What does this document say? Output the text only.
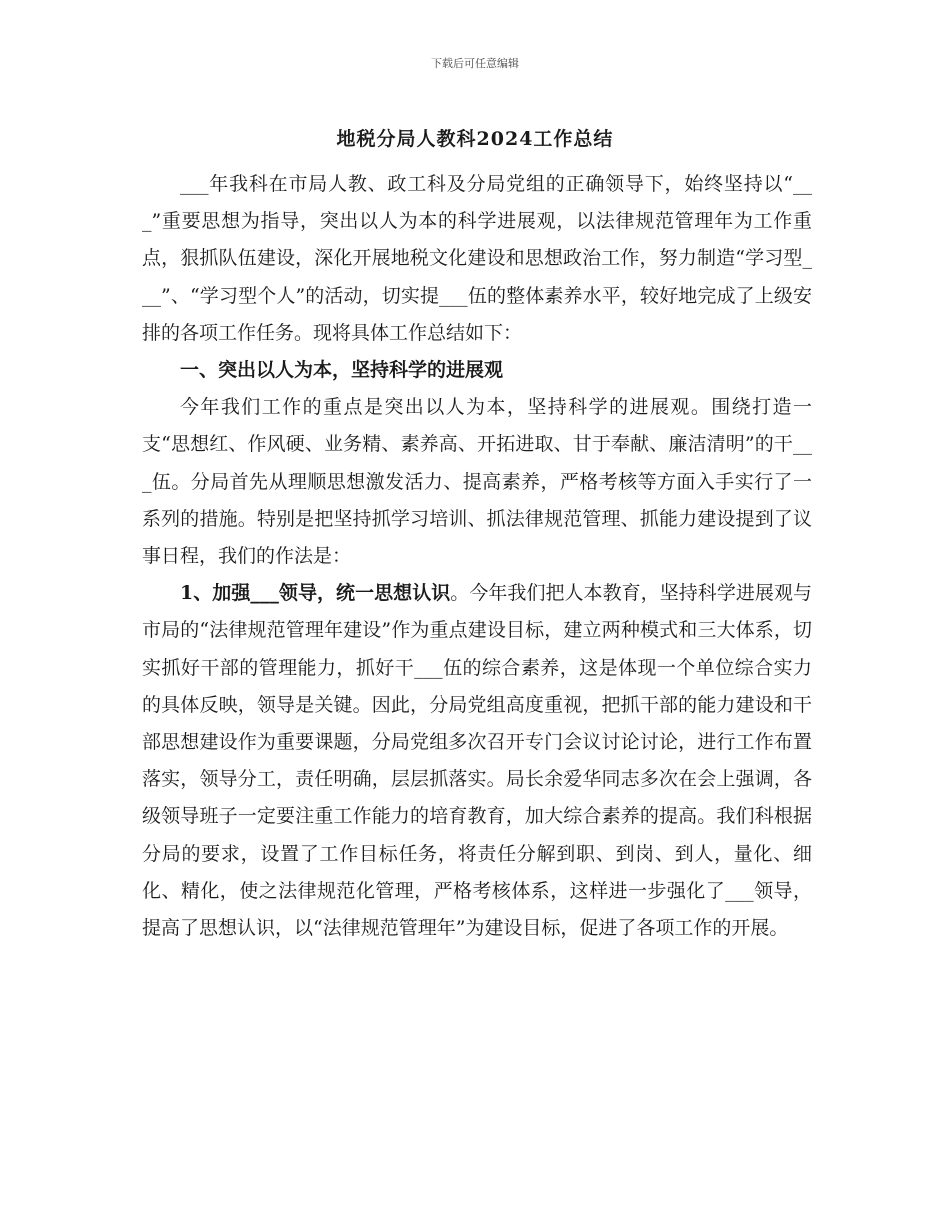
下载后可任意编辑
地税分局人教科2024工作总结

___年我科在市局人教、政工科及分局党组的正确领导下，始终坚持以“___”重要思想为指导，突出以人为本的科学进展观，以法律规范管理年为工作重点，狠抓队伍建设，深化开展地税文化建设和思想政治工作，努力制造“学习型___”、“学习型个人”的活动，切实提___伍的整体素养水平，较好地完成了上级安排的各项工作任务。现将具体工作总结如下：

一、突出以人为本，坚持科学的进展观

今年我们工作的重点是突出以人为本，坚持科学的进展观。围绕打造一支“思想红、作风硬、业务精、素养高、开拓进取、甘于奉献、廉洁清明”的干___伍。分局首先从理顺思想激发活力、提高素养，严格考核等方面入手实行了一系列的措施。特别是把坚持抓学习培训、抓法律规范管理、抓能力建设提到了议事日程，我们的作法是：

1、加强___领导，统一思想认识。今年我们把人本教育，坚持科学进展观与市局的“法律规范管理年建设”作为重点建设目标，建立两种模式和三大体系，切实抓好干部的管理能力，抓好干___伍的综合素养，这是体现一个单位综合实力的具体反映，领导是关键。因此，分局党组高度重视，把抓干部的能力建设和干部思想建设作为重要课题，分局党组多次召开专门会议讨论讨论，进行工作布置落实，领导分工，责任明确，层层抓落实。局长余爱华同志多次在会上强调，各级领导班子一定要注重工作能力的培育教育，加大综合素养的提高。我们科根据分局的要求，设置了工作目标任务，将责任分解到职、到岗、到人，量化、细化、精化，使之法律规范化管理，严格考核体系，这样进一步强化了___领导，提高了思想认识，以“法律规范管理年”为建设目标，促进了各项工作的开展。
